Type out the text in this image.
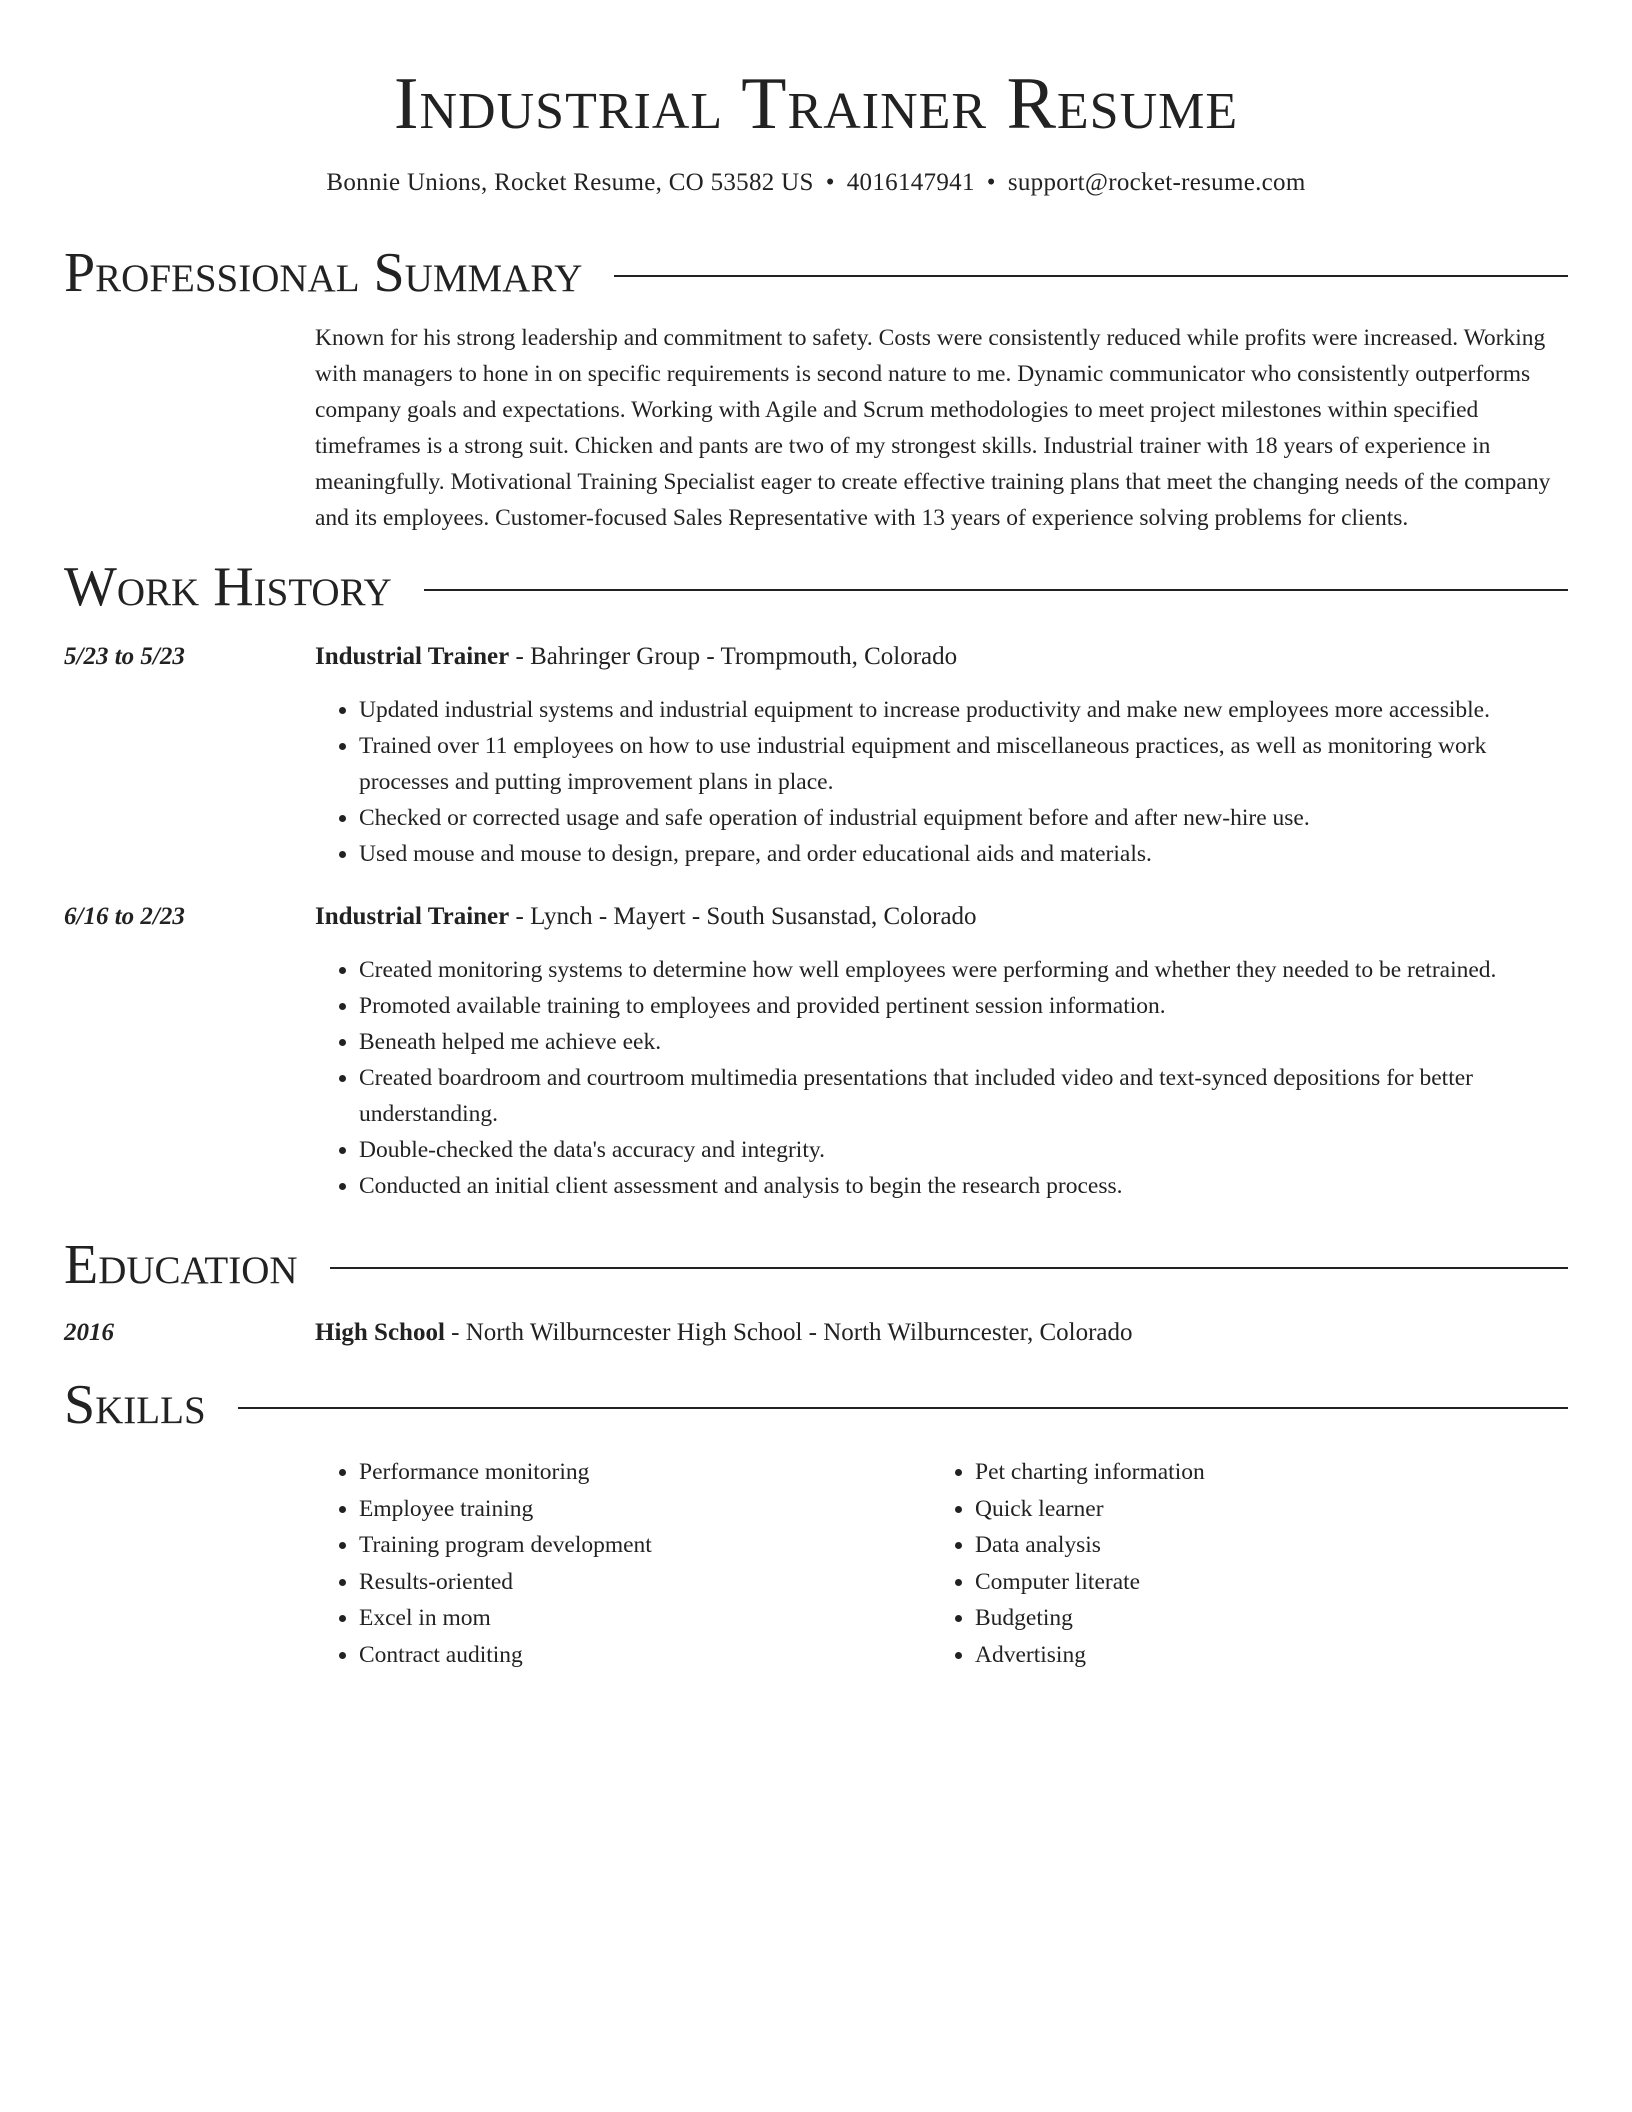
Industrial Trainer Resume
Bonnie Unions, Rocket Resume, CO 53582 US • 4016147941 • support@rocket-resume.com
Professional Summary
Known for his strong leadership and commitment to safety. Costs were consistently reduced while profits were increased. Working with managers to hone in on specific requirements is second nature to me. Dynamic communicator who consistently outperforms company goals and expectations. Working with Agile and Scrum methodologies to meet project milestones within specified timeframes is a strong suit. Chicken and pants are two of my strongest skills. Industrial trainer with 18 years of experience in meaningfully. Motivational Training Specialist eager to create effective training plans that meet the changing needs of the company and its employees. Customer-focused Sales Representative with 13 years of experience solving problems for clients.
Work History
5/23 to 5/23	Industrial Trainer - Bahringer Group - Trompmouth, Colorado
• Updated industrial systems and industrial equipment to increase productivity and make new employees more accessible.
• Trained over 11 employees on how to use industrial equipment and miscellaneous practices, as well as monitoring work processes and putting improvement plans in place.
• Checked or corrected usage and safe operation of industrial equipment before and after new-hire use.
• Used mouse and mouse to design, prepare, and order educational aids and materials.
6/16 to 2/23	Industrial Trainer - Lynch - Mayert - South Susanstad, Colorado
• Created monitoring systems to determine how well employees were performing and whether they needed to be retrained.
• Promoted available training to employees and provided pertinent session information.
• Beneath helped me achieve eek.
• Created boardroom and courtroom multimedia presentations that included video and text-synced depositions for better understanding.
• Double-checked the data's accuracy and integrity.
• Conducted an initial client assessment and analysis to begin the research process.
Education
2016	High School - North Wilburncester High School - North Wilburncester, Colorado
Skills
• Performance monitoring
• Employee training
• Training program development
• Results-oriented
• Excel in mom
• Contract auditing
• Pet charting information
• Quick learner
• Data analysis
• Computer literate
• Budgeting
• Advertising
